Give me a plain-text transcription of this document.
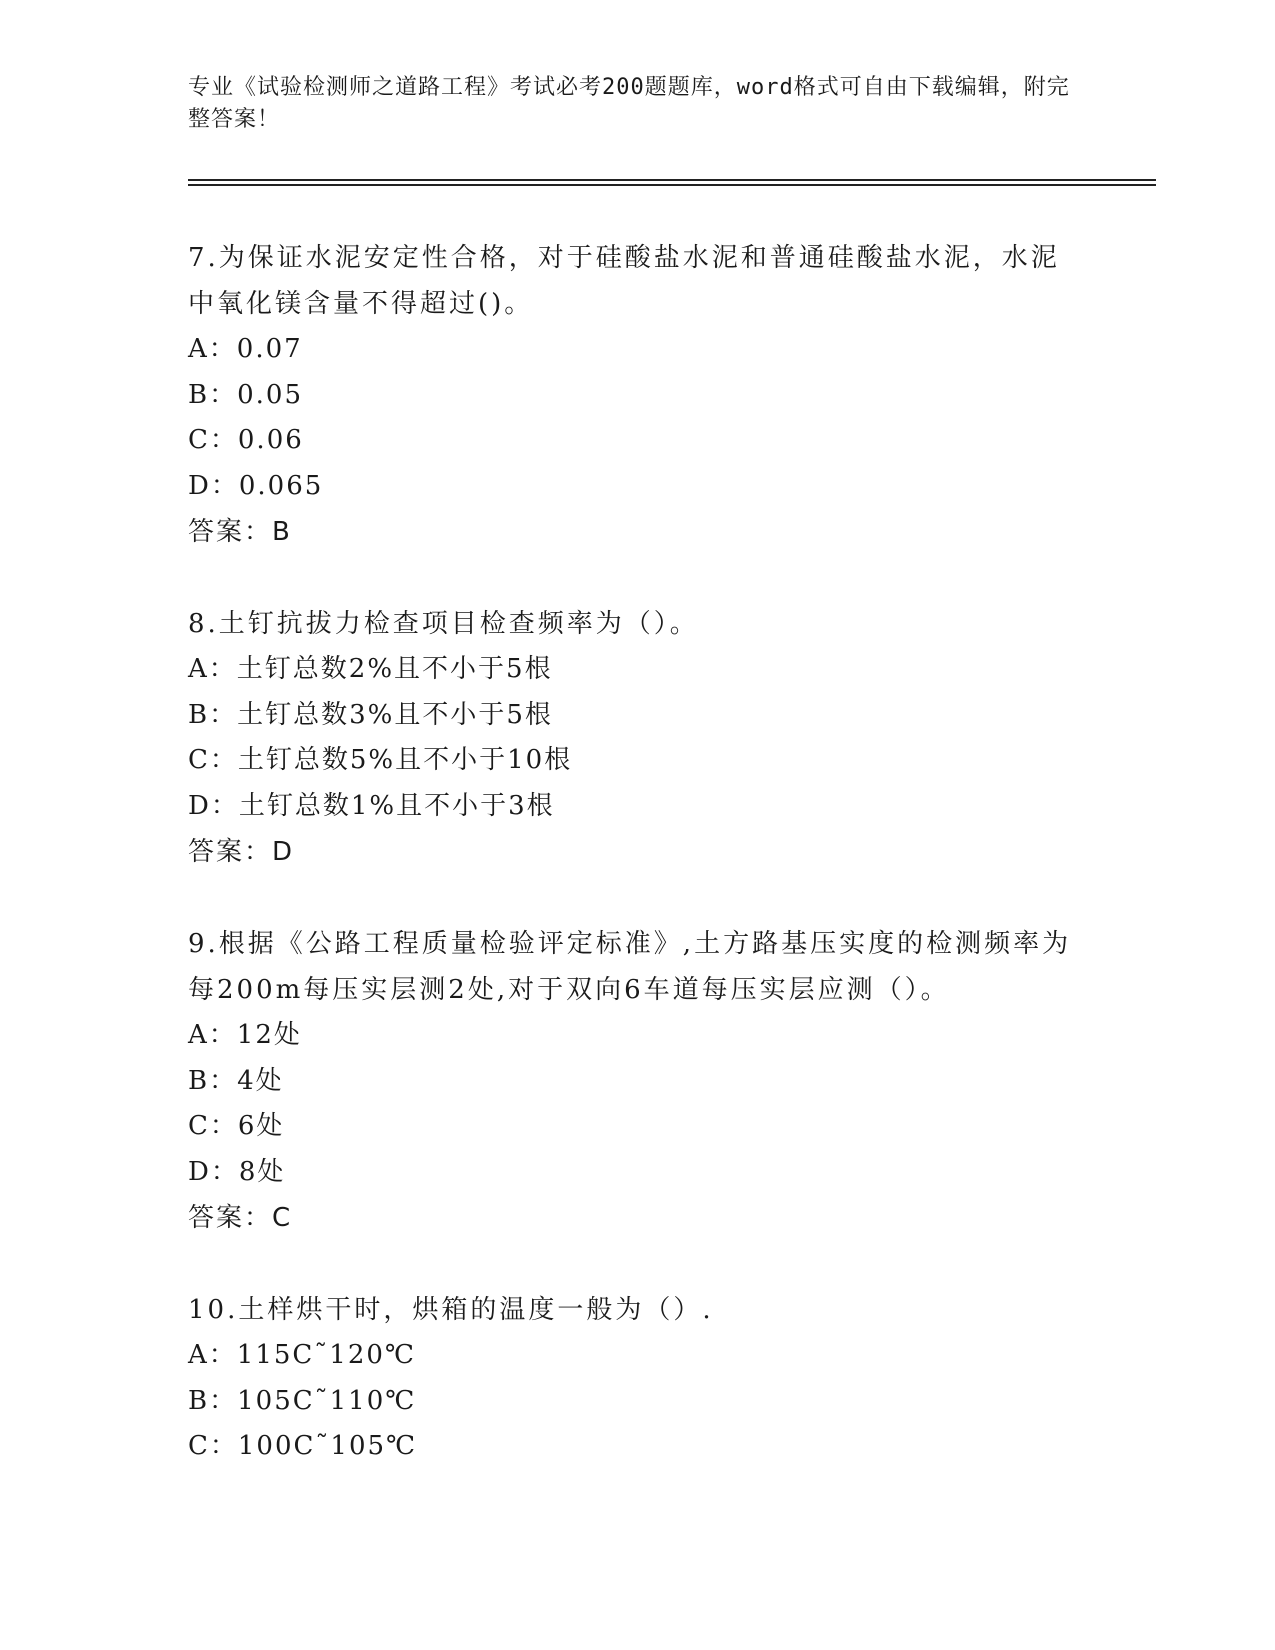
专业《试验检测师之道路工程》考试必考200题题库，word格式可自由下载编辑，附完整答案！

7.为保证水泥安定性合格，对于硅酸盐水泥和普通硅酸盐水泥，水泥中氧化镁含量不得超过()。

A：0.07

B：0.05

C：0.06

D：0.065

答案：B

8.土钉抗拔力检查项目检查频率为（）。

A：土钉总数2%且不小于5根

B：土钉总数3%且不小于5根

C：土钉总数5%且不小于10根

D：土钉总数1%且不小于3根

答案：D

9.根据《公路工程质量检验评定标准》,土方路基压实度的检测频率为每200m每压实层测2处,对于双向6车道每压实层应测（）。

A：12处

B：4处

C：6处

D：8处

答案：C

10.土样烘干时，烘箱的温度一般为（）.

A：115C˜120℃

B：105C˜110℃

C：100C˜105℃
